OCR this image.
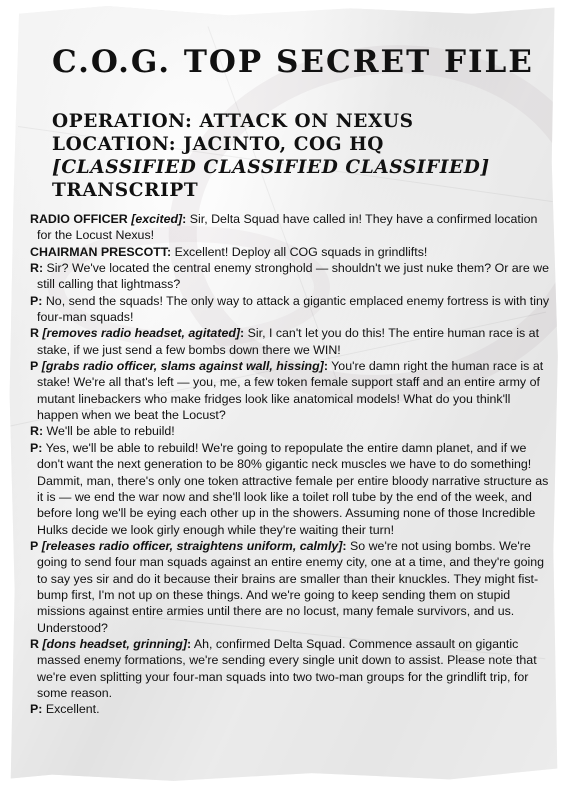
C.O.G. TOP SECRET FILE
OPERATION: ATTACK ON NEXUS
LOCATION: JACINTO, COG HQ
[CLASSIFIED CLASSIFIED CLASSIFIED]
TRANSCRIPT

RADIO OFFICER [excited]: Sir, Delta Squad have called in! They have a confirmed location for the Locust Nexus!

CHAIRMAN PRESCOTT: Excellent! Deploy all COG squads in grindlifts!

R: Sir? We've located the central enemy stronghold — shouldn't we just nuke them? Or are we still calling that lightmass?

P: No, send the squads! The only way to attack a gigantic emplaced enemy fortress is with tiny four-man squads!

R [removes radio headset, agitated]: Sir, I can't let you do this! The entire human race is at stake, if we just send a few bombs down there we WIN!

P [grabs radio officer, slams against wall, hissing]: You're damn right the human race is at stake! We're all that's left — you, me, a few token female support staff and an entire army of mutant linebackers who make fridges look like anatomical models! What do you think'll happen when we beat the Locust?

R: We'll be able to rebuild!

P: Yes, we'll be able to rebuild! We're going to repopulate the entire damn planet, and if we don't want the next generation to be 80% gigantic neck muscles we have to do something! Dammit, man, there's only one token attractive female per entire bloody narrative structure as it is — we end the war now and she'll look like a toilet roll tube by the end of the week, and before long we'll be eying each other up in the showers. Assuming none of those Incredible Hulks decide we look girly enough while they're waiting their turn!

P [releases radio officer, straightens uniform, calmly]: So we're not using bombs. We're going to send four man squads against an entire enemy city, one at a time, and they're going to say yes sir and do it because their brains are smaller than their knuckles. They might fist-bump first, I'm not up on these things. And we're going to keep sending them on stupid missions against entire armies until there are no locust, many female survivors, and us. Understood?

R [dons headset, grinning]: Ah, confirmed Delta Squad. Commence assault on gigantic massed enemy formations, we're sending every single unit down to assist. Please note that we're even splitting your four-man squads into two two-man groups for the grindlift trip, for some reason.

P: Excellent.
